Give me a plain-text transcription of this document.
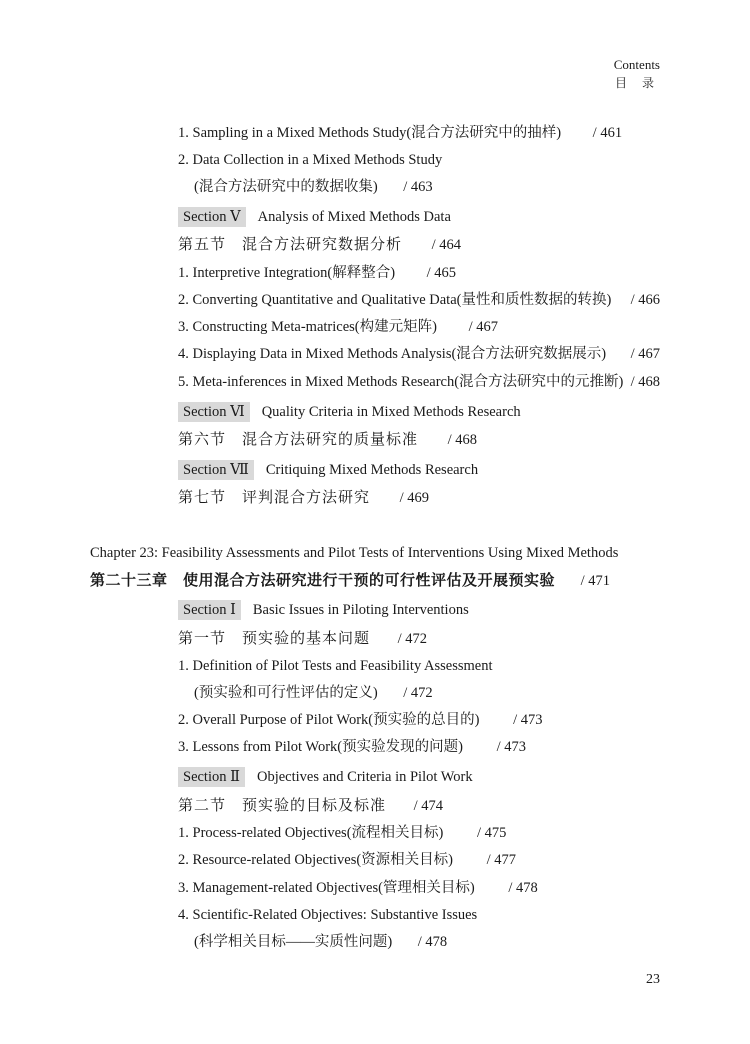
Contents
目 录
1. Sampling in a Mixed Methods Study(混合方法研究中的抽样) / 461
2. Data Collection in a Mixed Methods Study
(混合方法研究中的数据收集) / 463
Section Ⅴ Analysis of Mixed Methods Data
第五节　混合方法研究数据分析 / 464
1. Interpretive Integration(解释整合) / 465
2. Converting Quantitative and Qualitative Data(量性和质性数据的转换) / 466
3. Constructing Meta-matrices(构建元矩阵) / 467
4. Displaying Data in Mixed Methods Analysis(混合方法研究数据展示) / 467
5. Meta-inferences in Mixed Methods Research(混合方法研究中的元推断) / 468
Section Ⅵ Quality Criteria in Mixed Methods Research
第六节　混合方法研究的质量标准 / 468
Section Ⅶ Critiquing Mixed Methods Research
第七节　评判混合方法研究 / 469
Chapter 23: Feasibility Assessments and Pilot Tests of Interventions Using Mixed Methods
第二十三章　使用混合方法研究进行干预的可行性评估及开展预实验 / 471
Section Ⅰ Basic Issues in Piloting Interventions
第一节　预实验的基本问题 / 472
1. Definition of Pilot Tests and Feasibility Assessment
(预实验和可行性评估的定义) / 472
2. Overall Purpose of Pilot Work(预实验的总目的) / 473
3. Lessons from Pilot Work(预实验发现的问题) / 473
Section Ⅱ Objectives and Criteria in Pilot Work
第二节　预实验的目标及标准 / 474
1. Process-related Objectives(流程相关目标) / 475
2. Resource-related Objectives(资源相关目标) / 477
3. Management-related Objectives(管理相关目标) / 478
4. Scientific-Related Objectives: Substantive Issues
(科学相关目标——实质性问题) / 478
23
